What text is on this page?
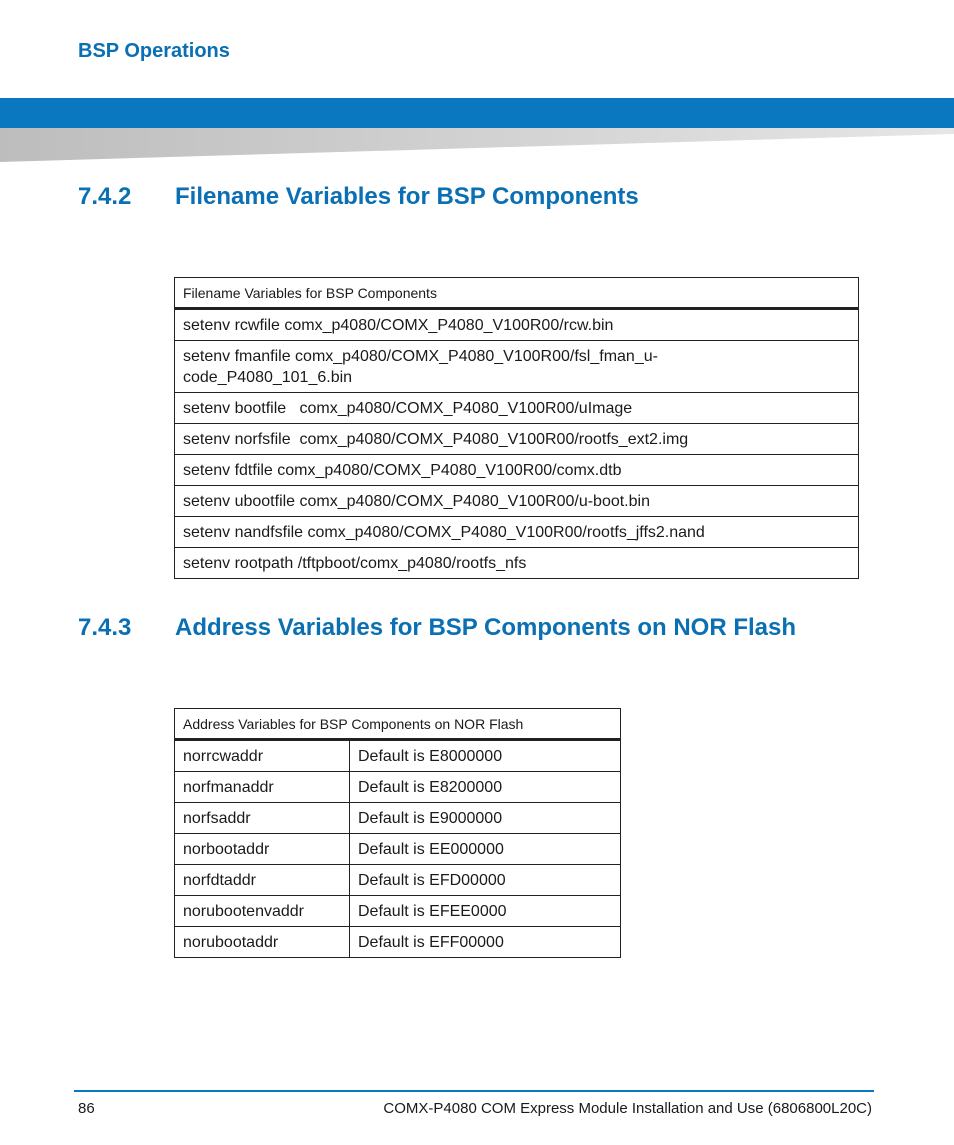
BSP Operations
7.4.2 Filename Variables for BSP Components
Filename Variables for BSP Components
setenv rcwfile comx_p4080/COMX_P4080_V100R00/rcw.bin
setenv fmanfile comx_p4080/COMX_P4080_V100R00/fsl_fman_u-
code_P4080_101_6.bin
setenv bootfile   comx_p4080/COMX_P4080_V100R00/uImage
setenv norfsfile  comx_p4080/COMX_P4080_V100R00/rootfs_ext2.img
setenv fdtfile comx_p4080/COMX_P4080_V100R00/comx.dtb
setenv ubootfile comx_p4080/COMX_P4080_V100R00/u-boot.bin
setenv nandfsfile comx_p4080/COMX_P4080_V100R00/rootfs_jffs2.nand
setenv rootpath /tftpboot/comx_p4080/rootfs_nfs
7.4.3 Address Variables for BSP Components on NOR Flash
Address Variables for BSP Components on NOR Flash	
norrcwaddr	Default is E8000000
norfmanaddr	Default is E8200000
norfsaddr	Default is E9000000
norbootaddr	Default is EE000000
norfdtaddr	Default is EFD00000
norubootenvaddr	Default is EFEE0000
norubootaddr	Default is EFF00000
86	COMX-P4080 COM Express Module Installation and Use (6806800L20C)
